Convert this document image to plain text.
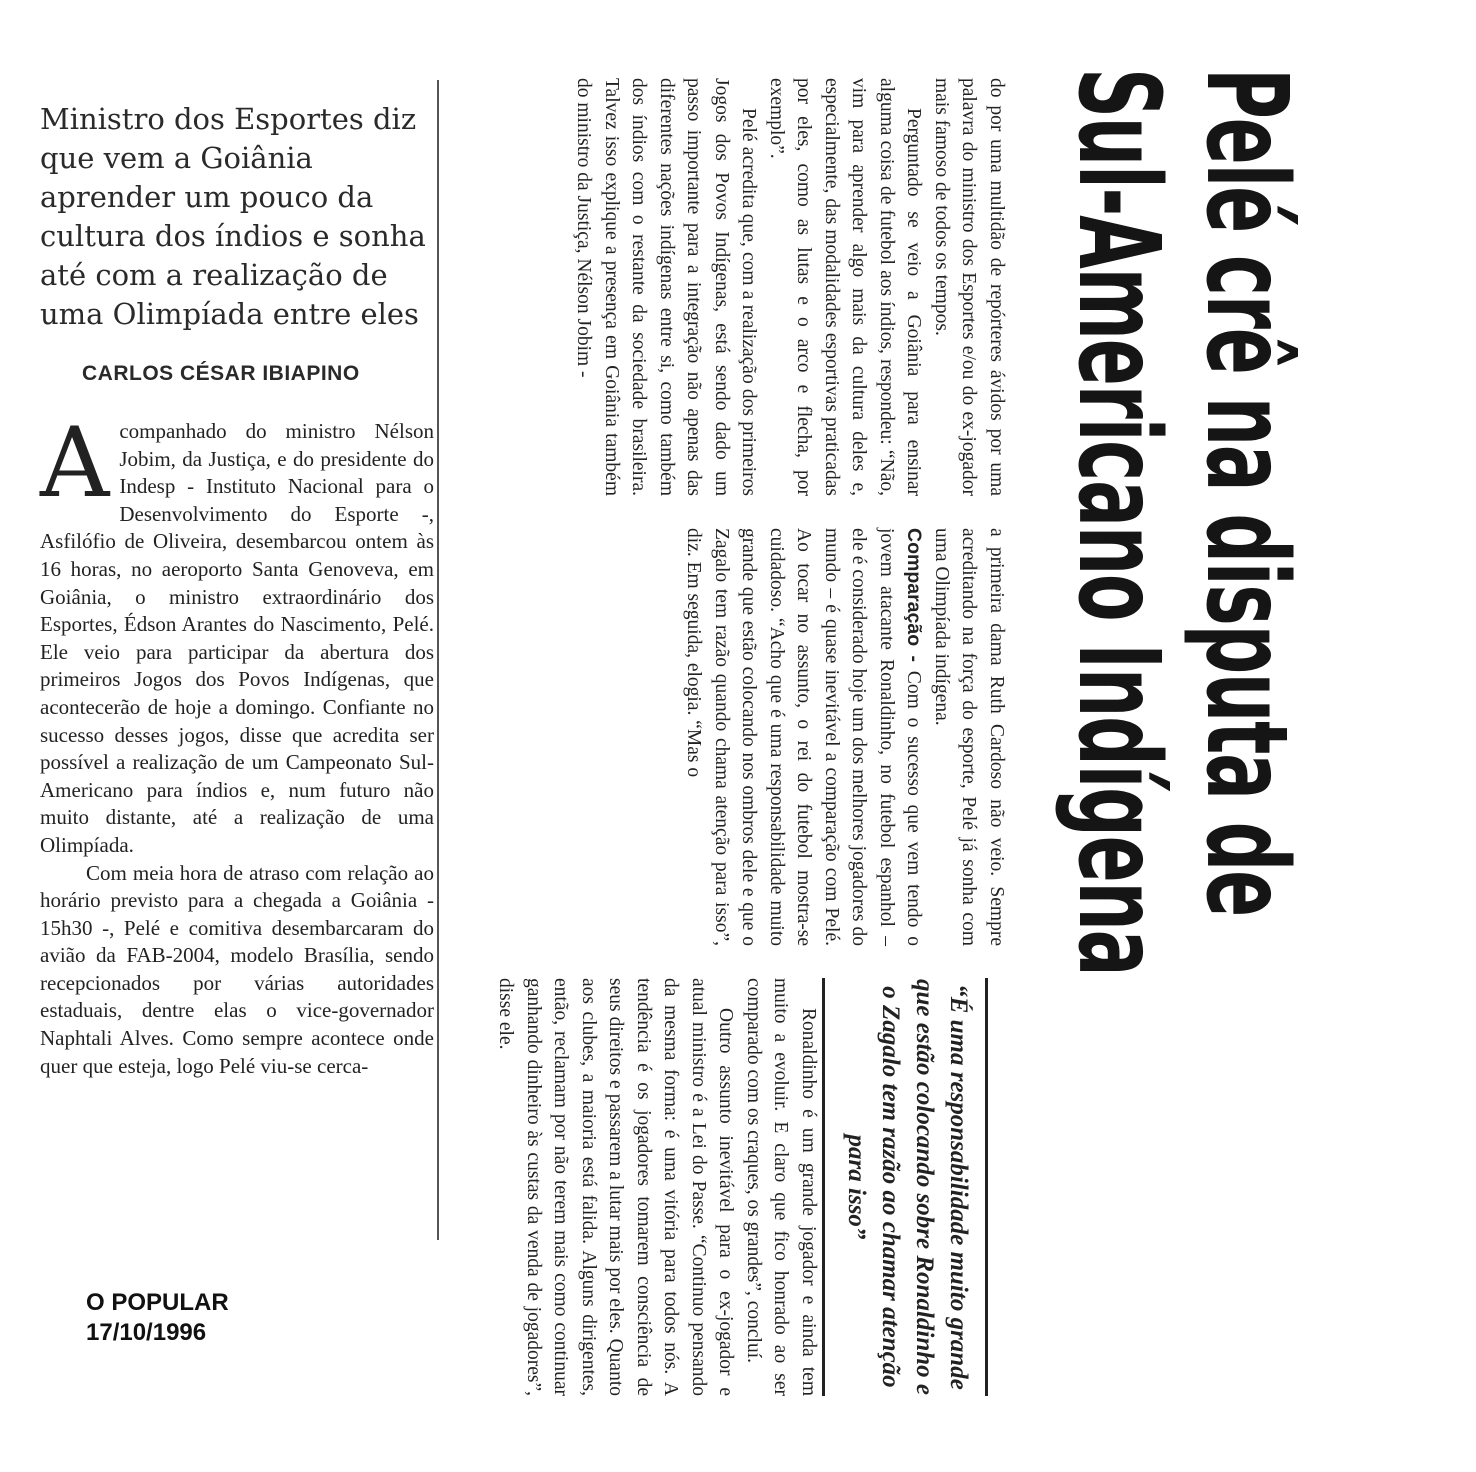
Ministro dos Esportes diz que vem a Goiânia aprender um pouco da cultura dos índios e sonha até com a realização de uma Olimpíada entre eles
CARLOS CÉSAR IBIAPINO
A companhado do ministro Nélson Jobim, da Justiça, e do presidente do Indesp - Instituto Nacional para o Desenvolvimento do Esporte -, Asfilófio de Oliveira, desembarcou ontem às 16 horas, no aeroporto Santa Genoveva, em Goiânia, o ministro extraordinário dos Esportes, Édson Arantes do Nascimento, Pelé. Ele veio para participar da abertura dos primeiros Jogos dos Povos Indígenas, que acontecerão de hoje a domingo. Confiante no sucesso desses jogos, disse que acredita ser possível a realização de um Campeonato Sul-Americano para índios e, num futuro não muito distante, até a realização de uma Olimpíada.

Com meia hora de atraso com relação ao horário previsto para a chegada a Goiânia - 15h30 -, Pelé e comitiva desembarcaram do avião da FAB-2004, modelo Brasília, sendo recepcionados por várias autoridades estaduais, dentre elas o vice-governador Naphtali Alves. Como sempre acontece onde quer que esteja, logo Pelé viu-se cerca-

O POPULAR
17/10/1996
Pelé crê na disputa de
Sul-Americano Indígena

do por uma multidão de repórteres ávidos por uma palavra do ministro dos Esportes e/ou do ex-jogador mais famoso de todos os tempos.

Perguntado se veio a Goiânia para ensinar alguma coisa de futebol aos índios, respondeu: “Não, vim para aprender algo mais da cultura deles e, especialmente, das modalidades esportivas praticadas por eles, como as lutas e o arco e flecha, por exemplo”.

Pelé acredita que, com a realização dos primeiros Jogos dos Povos Indígenas, está sendo dado um passo importante para a integração não apenas das diferentes nações indígenas entre si, como também dos índios com o restante da sociedade brasileira. Talvez isso explique a presença em Goiânia também do ministro da Justiça, Nélson Jobim -

a primeira dama Ruth Cardoso não veio. Sempre acreditando na força do esporte, Pelé já sonha com uma Olimpíada indígena.

Comparação - Com o sucesso que vem tendo o jovem atacante Ronaldinho, no futebol espanhol – ele é considerado hoje um dos melhores jogadores do mundo – é quase inevitável a comparação com Pelé. Ao tocar no assunto, o rei do futebol mostra-se cuidadoso. “Acho que é uma responsabilidade muito grande que estão colocando nos ombros dele e que o Zagalo tem razão quando chama atenção para isso”, diz. Em seguida, elogia. “Mas o

“É uma responsabilidade muito grande que estão colocando sobre Ronaldinho e o Zagalo tem razão ao chamar atenção para isso”

Ronaldinho é um grande jogador e ainda tem muito a evoluir. E claro que fico honrado ao ser comparado com os craques, os grandes”, concluí.

Outro assunto inevitável para o ex-jogador e atual ministro é a Lei do Passe. “Continuo pensando da mesma forma: é uma vitória para todos nós. A tendência é os jogadores tomarem consciência de seus direitos e passarem a lutar mais por eles. Quanto aos clubes, a maioria está falida. Alguns dirigentes, então, reclamam por não terem mais como continuar ganhando dinheiro às custas da venda de jogadores”, disse ele.
